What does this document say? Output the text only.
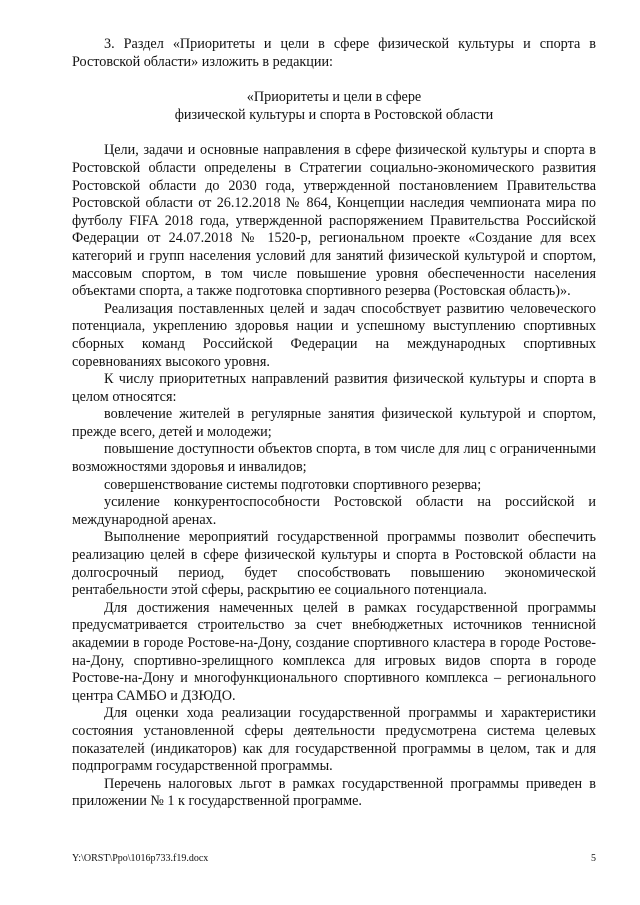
3. Раздел «Приоритеты и цели в сфере физической культуры и спорта в Ростовской области» изложить в редакции:

«Приоритеты и цели в сфере
физической культуры и спорта в Ростовской области

Цели, задачи и основные направления в сфере физической культуры и спорта в Ростовской области определены в Стратегии социально-экономического развития Ростовской области до 2030 года, утвержденной постановлением Правительства Ростовской области от 26.12.2018 № 864, Концепции наследия чемпионата мира по футболу FIFA 2018 года, утвержденной распоряжением Правительства Российской Федерации от 24.07.2018 № 1520-р, региональном проекте «Создание для всех категорий и групп населения условий для занятий физической культурой и спортом, массовым спортом, в том числе повышение уровня обеспеченности населения объектами спорта, а также подготовка спортивного резерва (Ростовская область)».

Реализация поставленных целей и задач способствует развитию человеческого потенциала, укреплению здоровья нации и успешному выступлению спортивных сборных команд Российской Федерации на международных спортивных соревнованиях высокого уровня.

К числу приоритетных направлений развития физической культуры и спорта в целом относятся:

вовлечение жителей в регулярные занятия физической культурой и спортом, прежде всего, детей и молодежи;

повышение доступности объектов спорта, в том числе для лиц с ограниченными возможностями здоровья и инвалидов;

совершенствование системы подготовки спортивного резерва;

усиление конкурентоспособности Ростовской области на российской и международной аренах.

Выполнение мероприятий государственной программы позволит обеспечить реализацию целей в сфере физической культуры и спорта в Ростовской области на долгосрочный период, будет способствовать повышению экономической рентабельности этой сферы, раскрытию ее социального потенциала.

Для достижения намеченных целей в рамках государственной программы предусматривается строительство за счет внебюджетных источников теннисной академии в городе Ростове-на-Дону, создание спортивного кластера в городе Ростове-на-Дону, спортивно-зрелищного комплекса для игровых видов спорта в городе Ростове-на-Дону и многофункционального спортивного комплекса – регионального центра САМБО и ДЗЮДО.

Для оценки хода реализации государственной программы и характеристики состояния установленной сферы деятельности предусмотрена система целевых показателей (индикаторов) как для государственной программы в целом, так и для подпрограмм государственной программы.

Перечень налоговых льгот в рамках государственной программы приведен в приложении № 1 к государственной программе.

Y:\ORST\Ppo\1016p733.f19.docx	5
